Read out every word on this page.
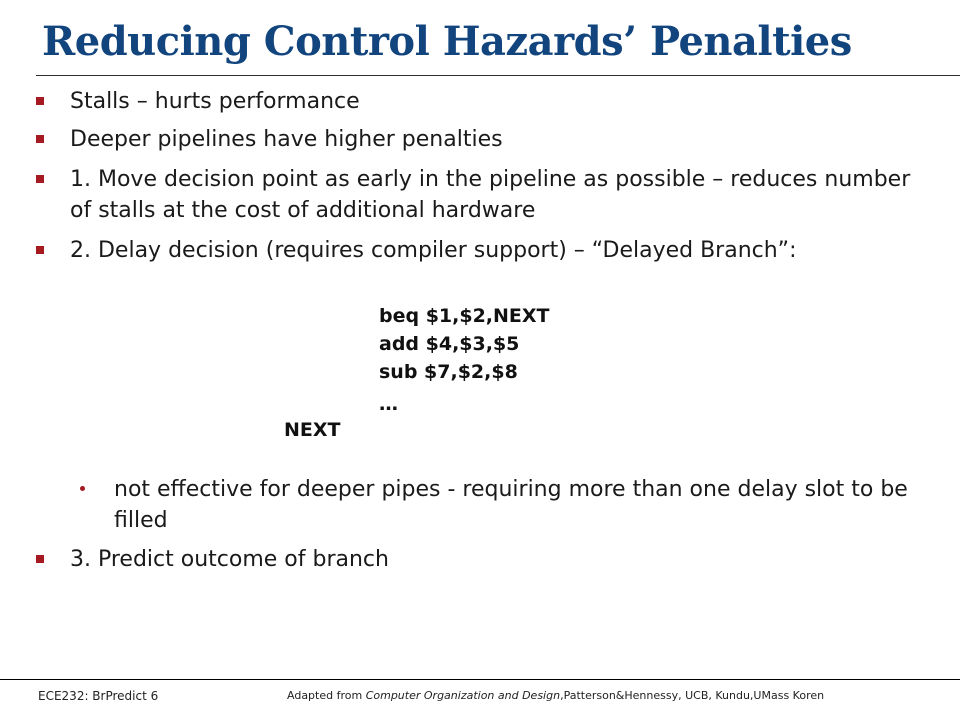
Reducing Control Hazards’ Penalties
Stalls – hurts performance
Deeper pipelines have higher penalties
1. Move decision point as early in the pipeline as possible – reduces number of stalls at the cost of additional hardware
2. Delay decision (requires compiler support) – “Delayed Branch”:
beq $1,$2,NEXT
add $4,$3,$5
sub $7,$2,$8
…
NEXT
not effective for deeper pipes - requiring more than one delay slot to be filled
3. Predict outcome of branch
ECE232: BrPredict 6	Adapted from Computer Organization and Design,Patterson&Hennessy, UCB, Kundu,UMass Koren
